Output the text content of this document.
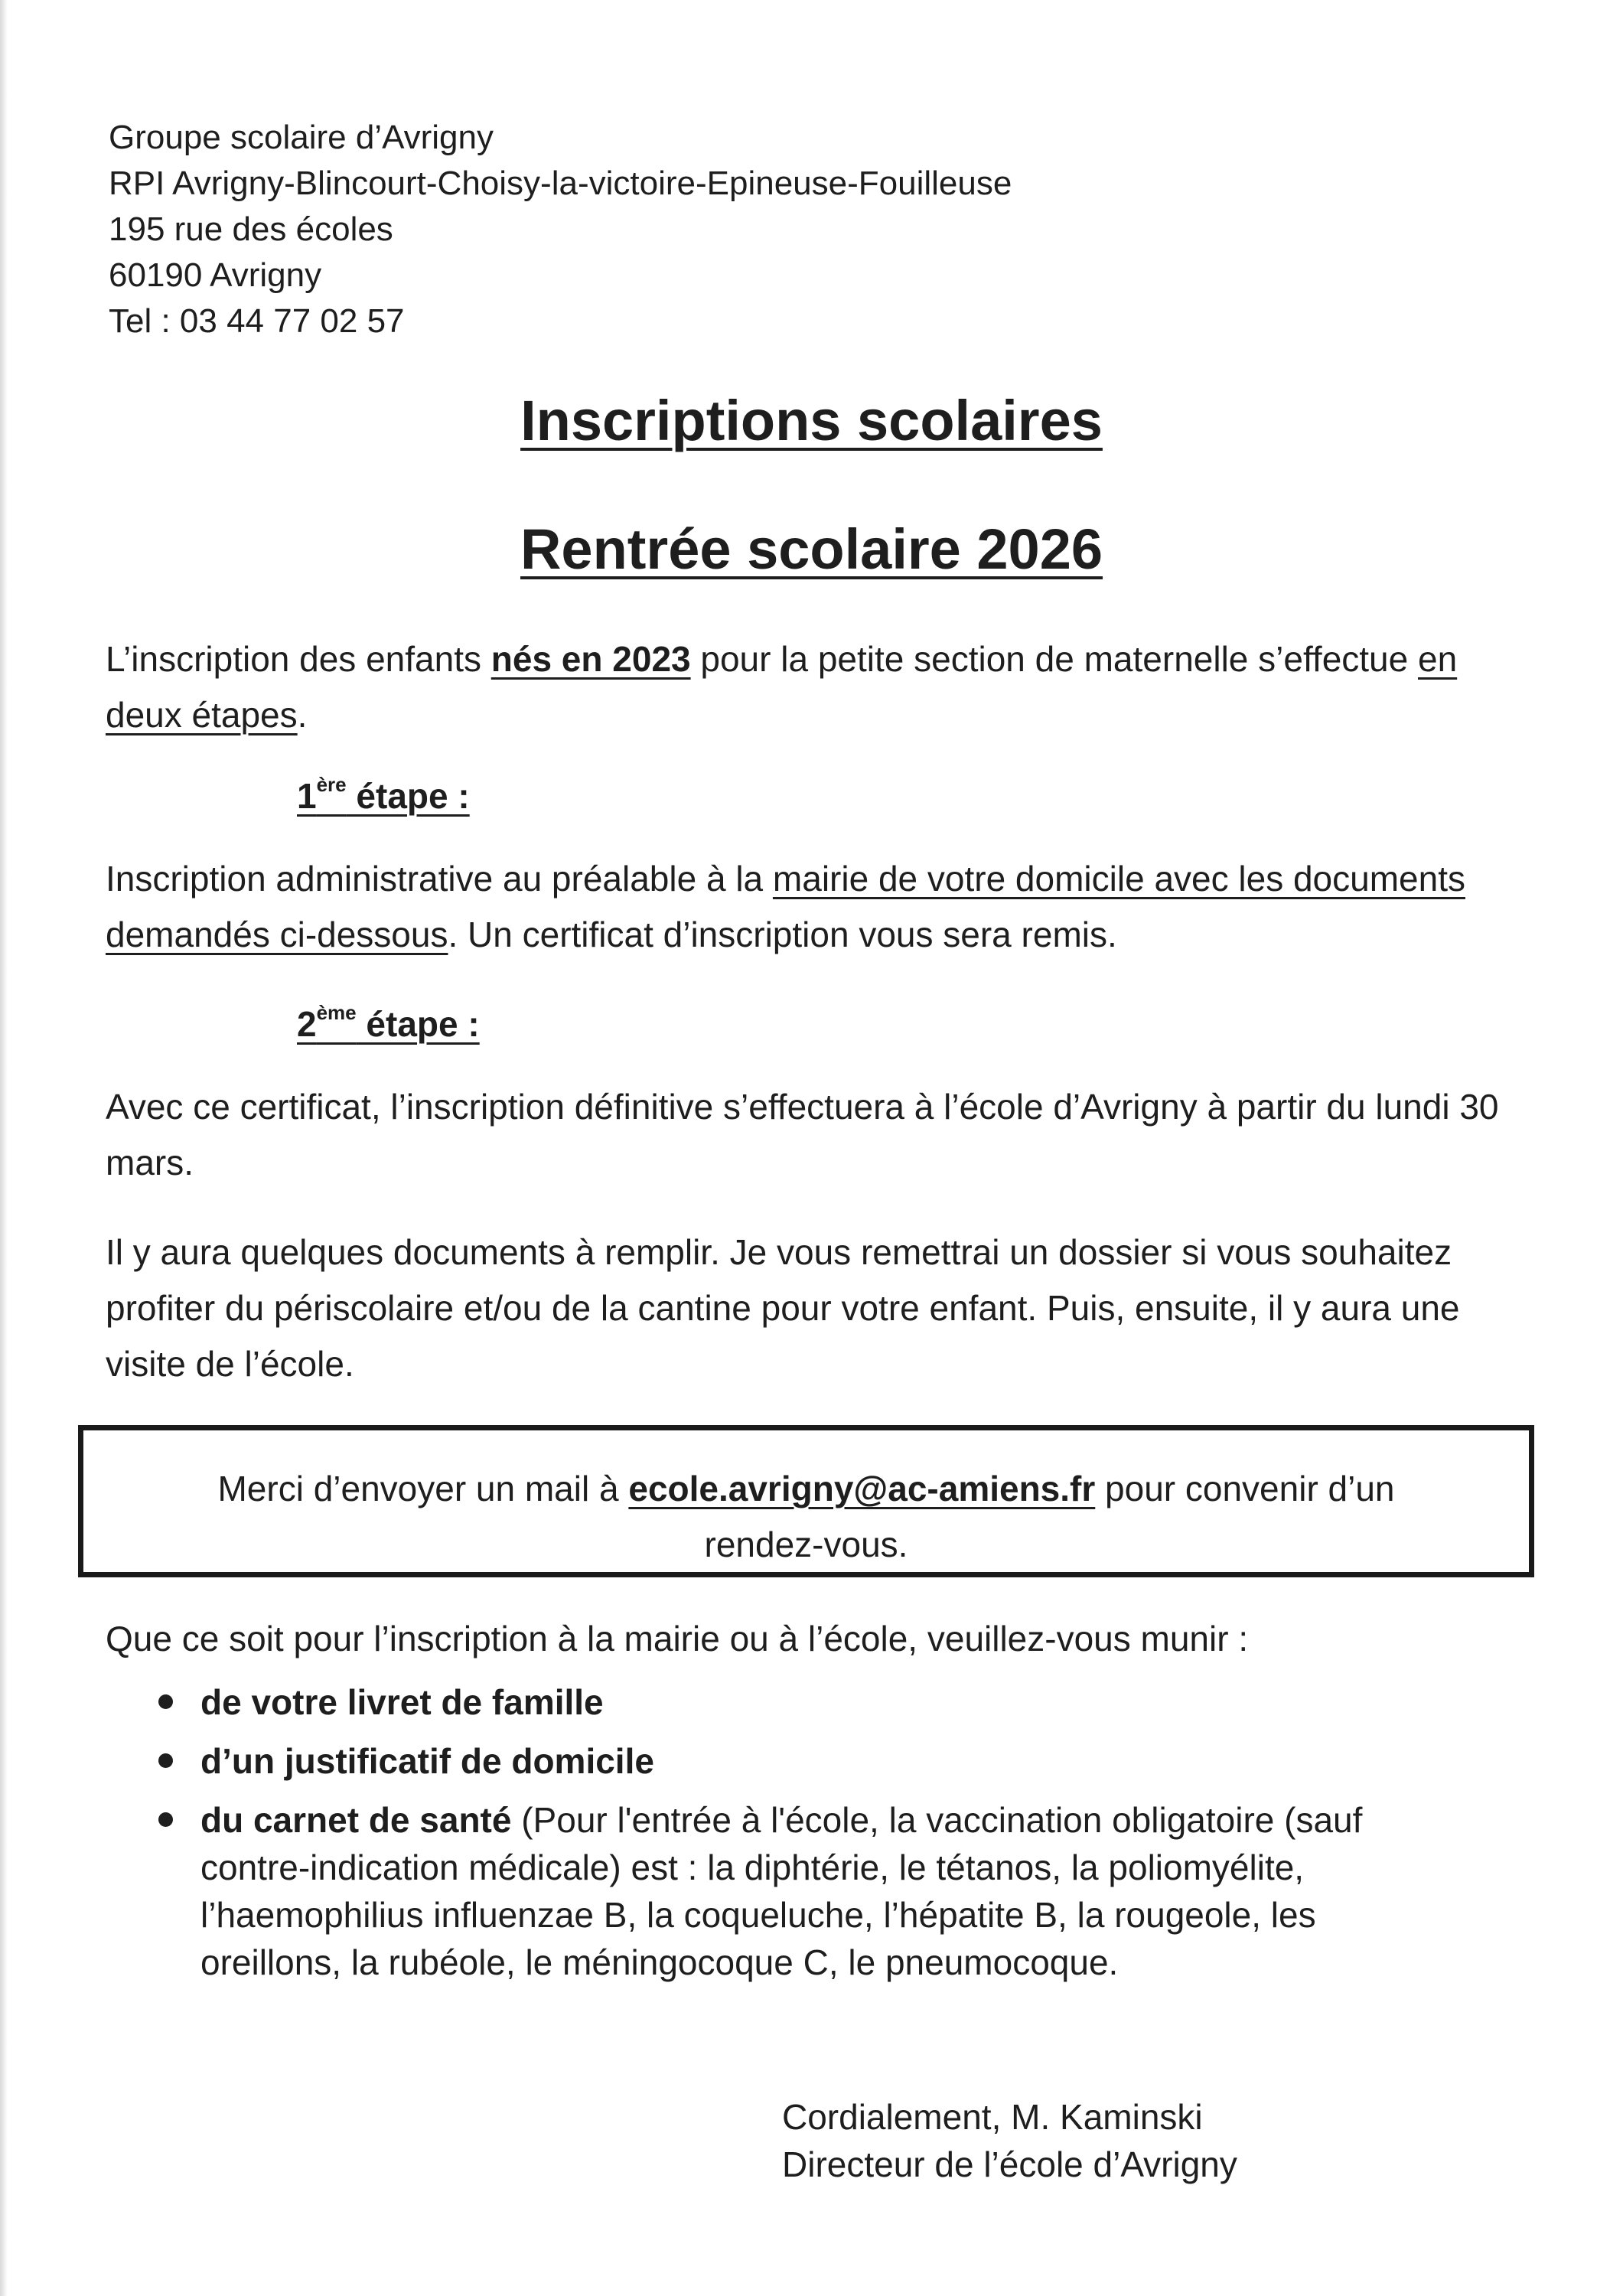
Groupe scolaire d’Avrigny
RPI Avrigny-Blincourt-Choisy-la-victoire-Epineuse-Fouilleuse
195 rue des écoles
60190 Avrigny
Tel : 03 44 77 02 57
Inscriptions scolaires
Rentrée scolaire 2026
L’inscription des enfants nés en 2023 pour la petite section de maternelle s’effectue en deux étapes.
1ère étape :
Inscription administrative au préalable à la mairie de votre domicile avec les documents demandés ci-dessous. Un certificat d’inscription vous sera remis.
2ème étape :
Avec ce certificat, l’inscription définitive s’effectuera à l’école d’Avrigny à partir du lundi 30 mars.
Il y aura quelques documents à remplir. Je vous remettrai un dossier si vous souhaitez profiter du périscolaire et/ou de la cantine pour votre enfant. Puis, ensuite, il y aura une visite de l’école.
Merci d’envoyer un mail à ecole.avrigny@ac-amiens.fr pour convenir d’un rendez-vous.
Que ce soit pour l’inscription à la mairie ou à l’école, veuillez-vous munir :
de votre livret de famille
d’un justificatif de domicile
du carnet de santé (Pour l'entrée à l'école, la vaccination obligatoire (sauf contre-indication médicale) est : la diphtérie, le tétanos, la poliomyélite, l’haemophilius influenzae B, la coqueluche, l’hépatite B, la rougeole, les oreillons, la rubéole, le méningocoque C, le pneumocoque.
Cordialement, M. Kaminski
Directeur de l’école d’Avrigny
